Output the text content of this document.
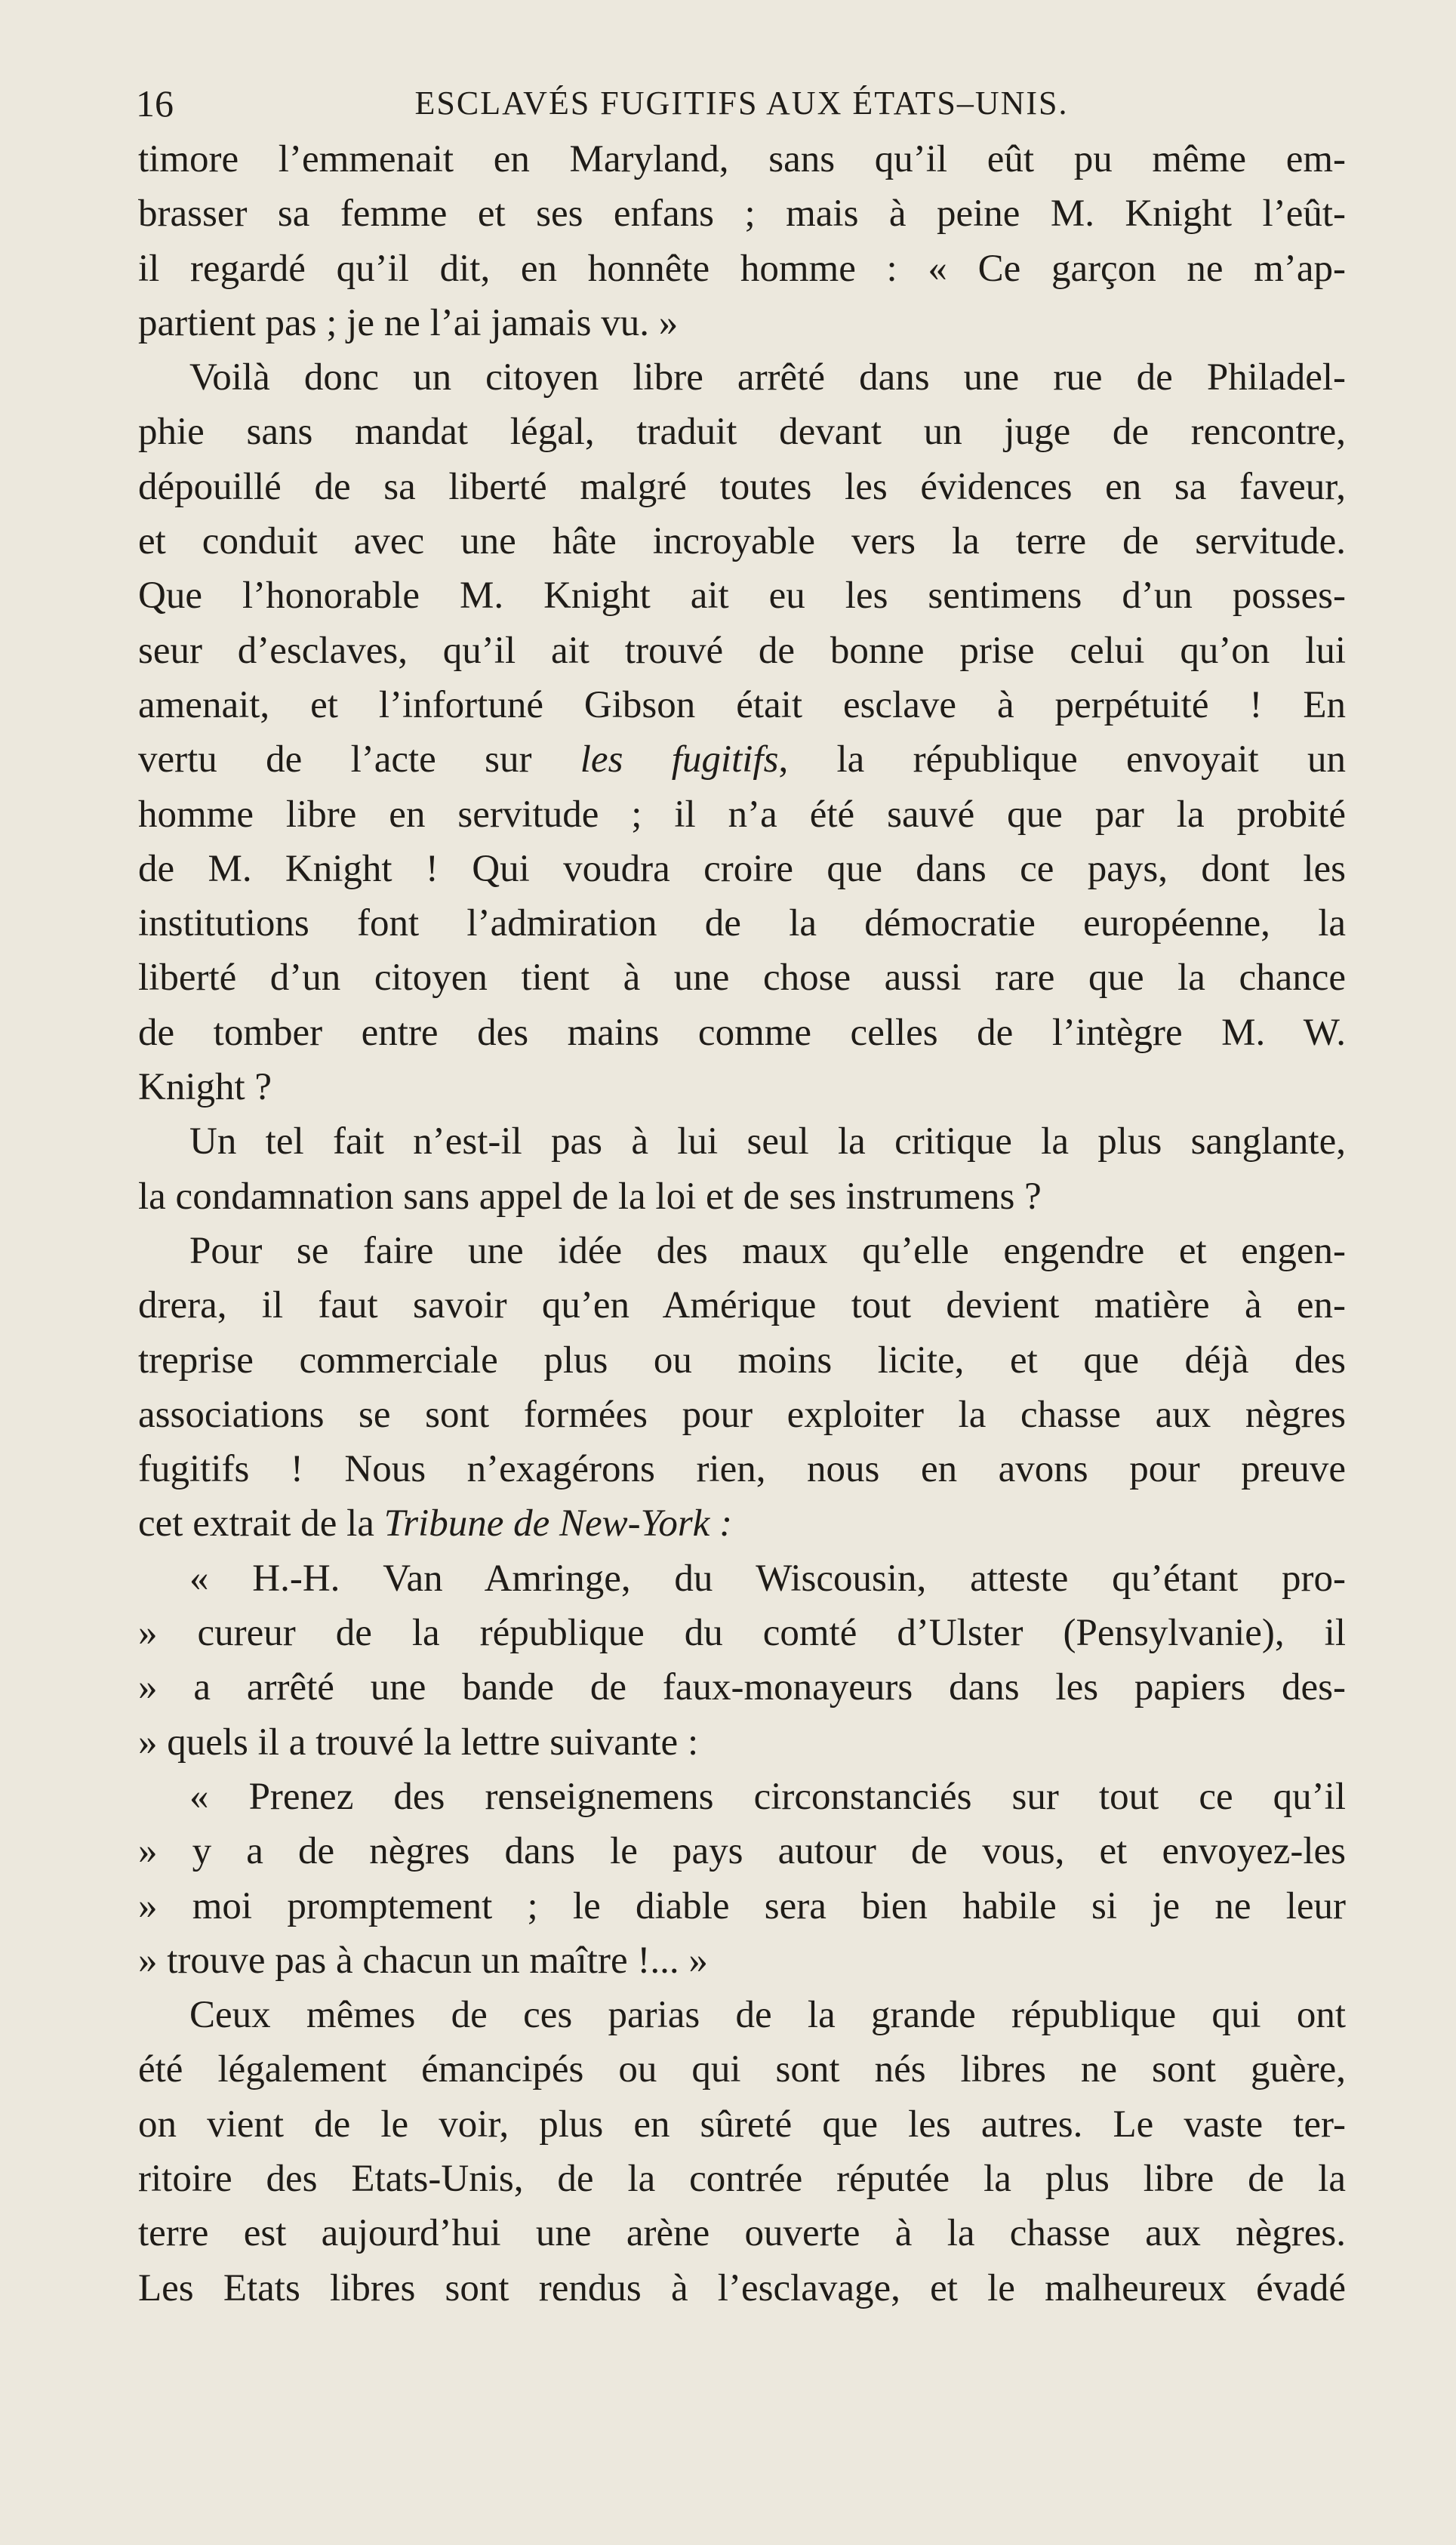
16	ESCLAVÉS FUGITIFS AUX ÉTATS–UNIS.
timore l’emmenait en Maryland, sans qu’il eût pu même em-
brasser sa femme et ses enfans ; mais à peine M. Knight l’eût-
il regardé qu’il dit, en honnête homme : « Ce garçon ne m’ap-
partient pas ; je ne l’ai jamais vu. »
Voilà donc un citoyen libre arrêté dans une rue de Philadel-
phie sans mandat légal, traduit devant un juge de rencontre,
dépouillé de sa liberté malgré toutes les évidences en sa faveur,
et conduit avec une hâte incroyable vers la terre de servitude.
Que l’honorable M. Knight ait eu les sentimens d’un posses-
seur d’esclaves, qu’il ait trouvé de bonne prise celui qu’on lui
amenait, et l’infortuné Gibson était esclave à perpétuité ! En
vertu de l’acte sur les fugitifs, la république envoyait un
homme libre en servitude ; il n’a été sauvé que par la probité
de M. Knight ! Qui voudra croire que dans ce pays, dont les
institutions font l’admiration de la démocratie européenne, la
liberté d’un citoyen tient à une chose aussi rare que la chance
de tomber entre des mains comme celles de l’intègre M. W.
Knight ?
Un tel fait n’est-il pas à lui seul la critique la plus sanglante,
la condamnation sans appel de la loi et de ses instrumens ?
Pour se faire une idée des maux qu’elle engendre et engen-
drera, il faut savoir qu’en Amérique tout devient matière à en-
treprise commerciale plus ou moins licite, et que déjà des
associations se sont formées pour exploiter la chasse aux nègres
fugitifs ! Nous n’exagérons rien, nous en avons pour preuve
cet extrait de la Tribune de New-York :
« H.-H. Van Amringe, du Wiscousin, atteste qu’étant pro-
» cureur de la république du comté d’Ulster (Pensylvanie), il
» a arrêté une bande de faux-monayeurs dans les papiers des-
» quels il a trouvé la lettre suivante :
« Prenez des renseignemens circonstanciés sur tout ce qu’il
» y a de nègres dans le pays autour de vous, et envoyez-les
» moi promptement ; le diable sera bien habile si je ne leur
» trouve pas à chacun un maître !... »
Ceux mêmes de ces parias de la grande république qui ont
été légalement émancipés ou qui sont nés libres ne sont guère,
on vient de le voir, plus en sûreté que les autres. Le vaste ter-
ritoire des Etats-Unis, de la contrée réputée la plus libre de la
terre est aujourd’hui une arène ouverte à la chasse aux nègres.
Les Etats libres sont rendus à l’esclavage, et le malheureux évadé
